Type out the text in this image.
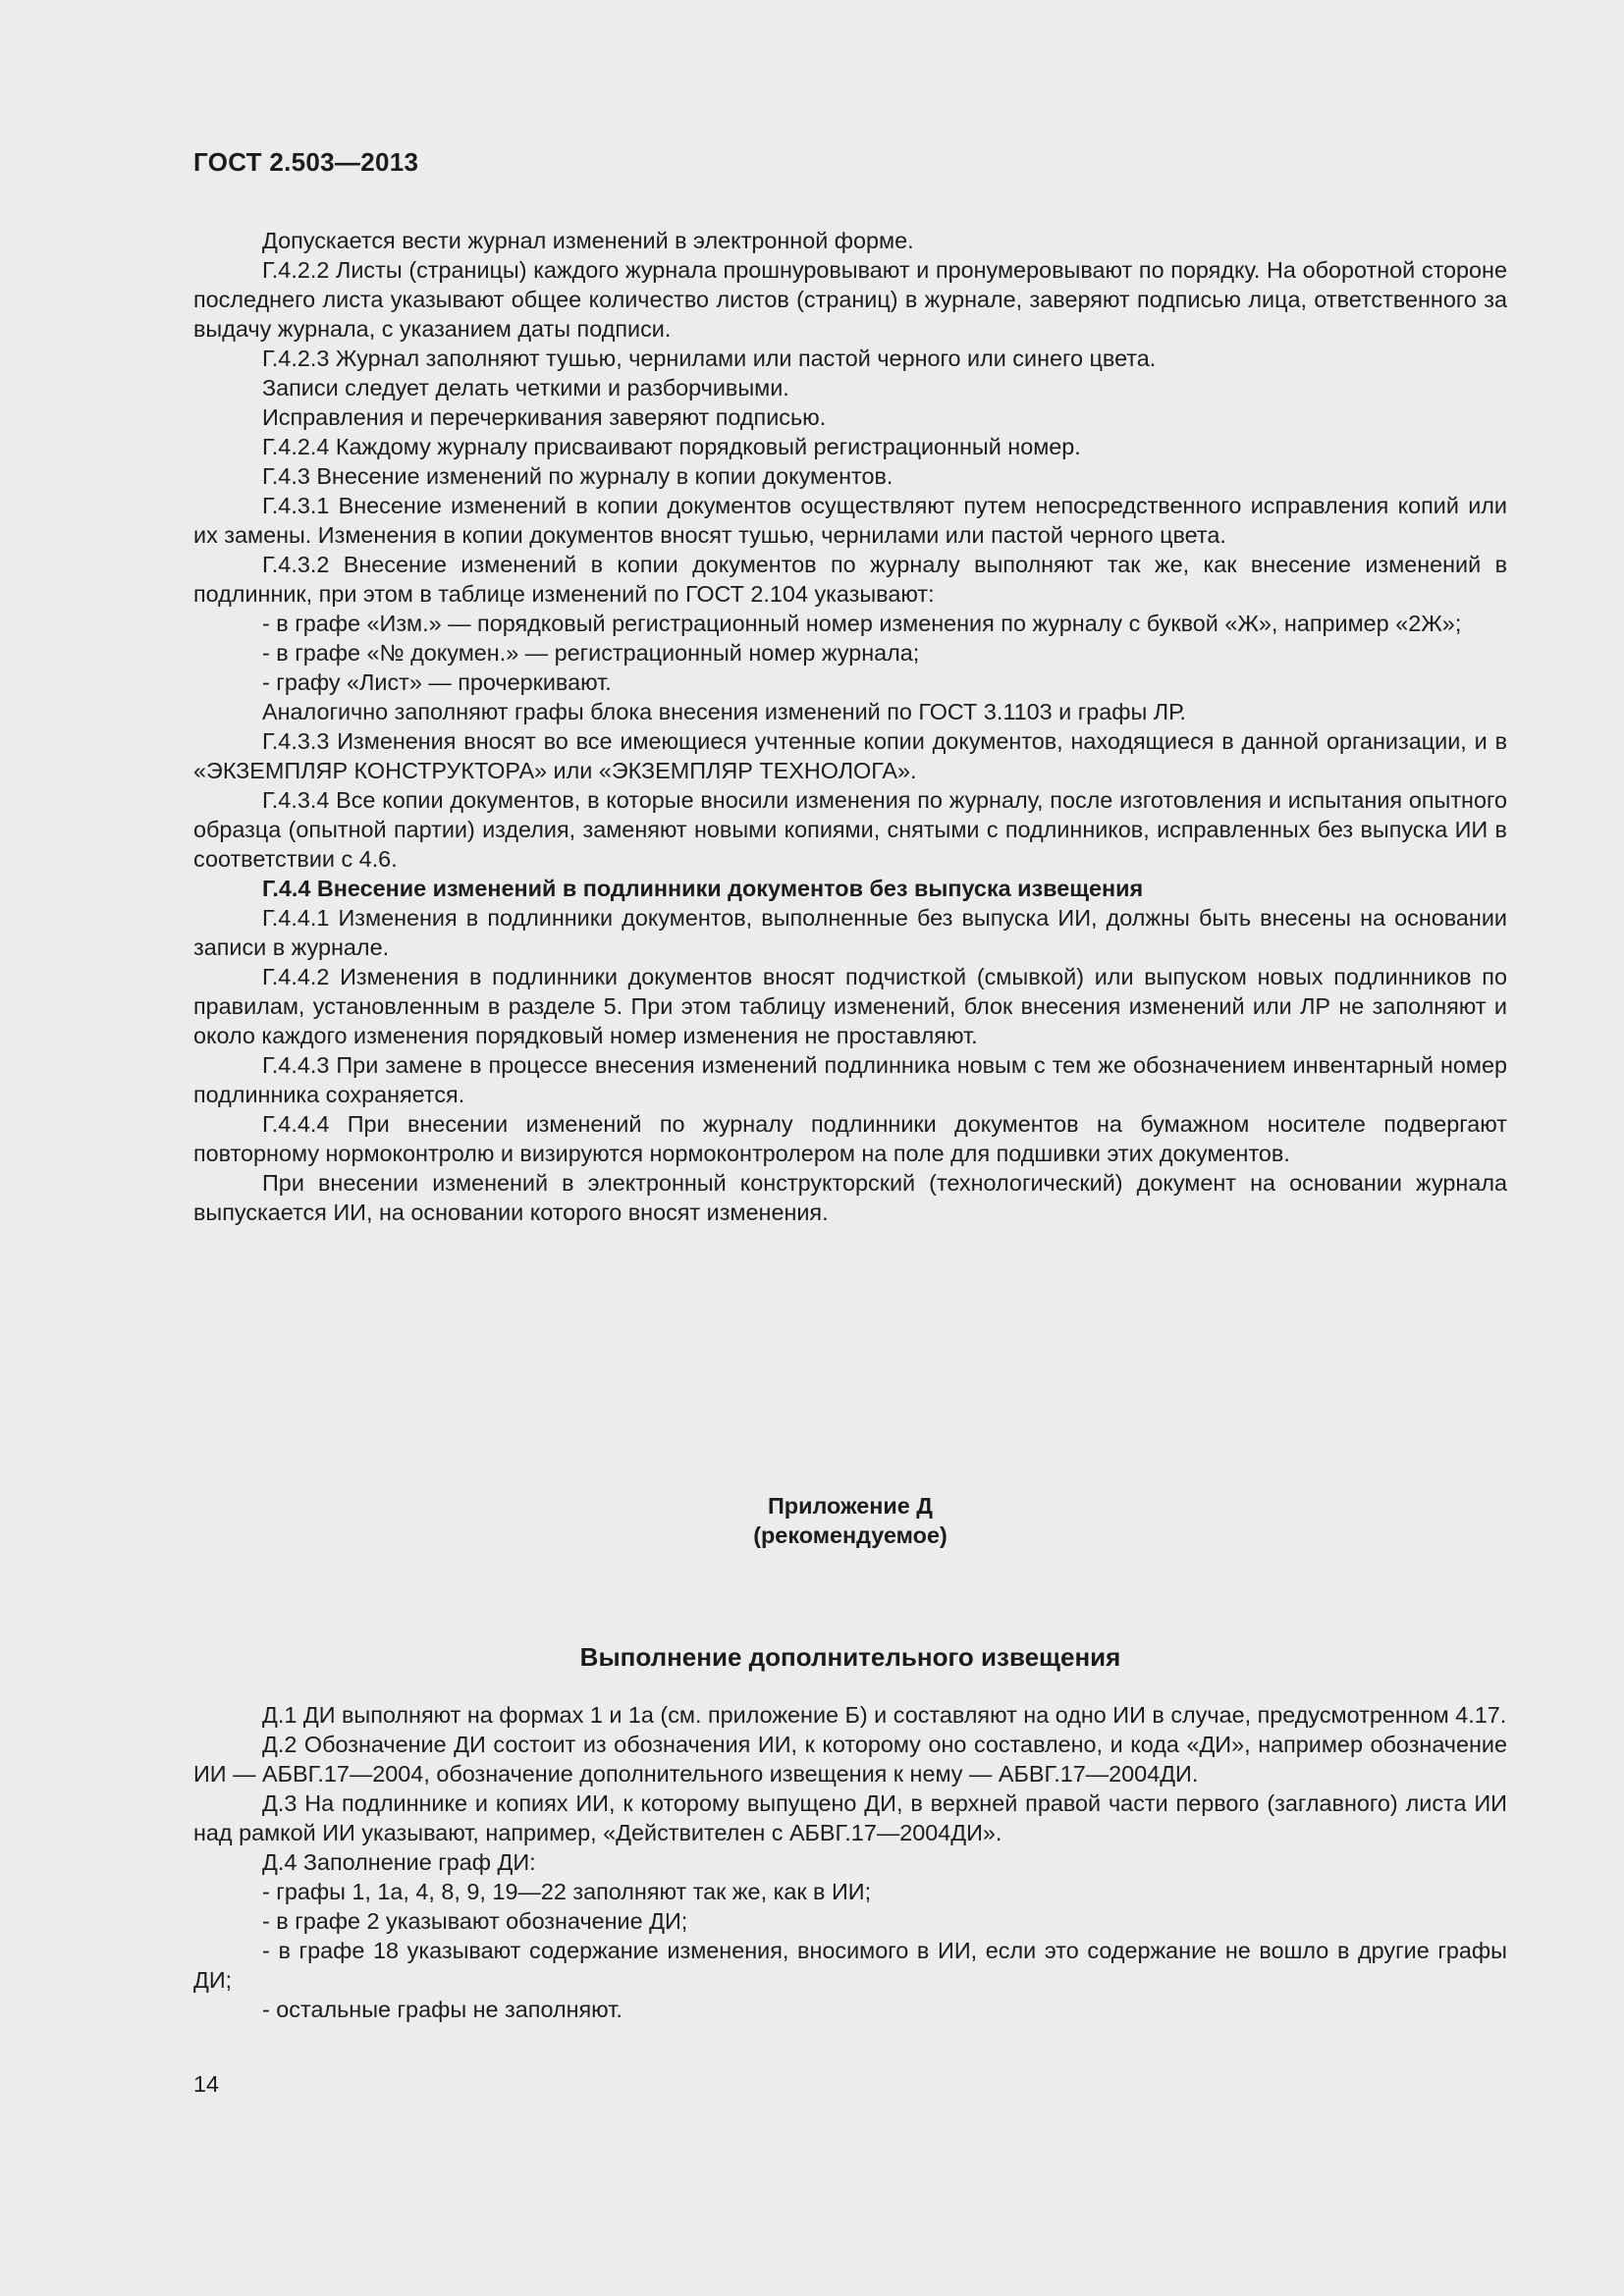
ГОСТ 2.503—2013

Допускается вести журнал изменений в электронной форме.

Г.4.2.2 Листы (страницы) каждого журнала прошнуровывают и пронумеровывают по порядку. На оборотной стороне последнего листа указывают общее количество листов (страниц) в журнале, заверяют подписью лица, ответственного за выдачу журнала, с указанием даты подписи.

Г.4.2.3 Журнал заполняют тушью, чернилами или пастой черного или синего цвета.

Записи следует делать четкими и разборчивыми.

Исправления и перечеркивания заверяют подписью.

Г.4.2.4 Каждому журналу присваивают порядковый регистрационный номер.

Г.4.3 Внесение изменений по журналу в копии документов.

Г.4.3.1 Внесение изменений в копии документов осуществляют путем непосредственного исправления копий или их замены. Изменения в копии документов вносят тушью, чернилами или пастой черного цвета.

Г.4.3.2 Внесение изменений в копии документов по журналу выполняют так же, как внесение изменений в подлинник, при этом в таблице изменений по ГОСТ 2.104 указывают:

- в графе «Изм.» — порядковый регистрационный номер изменения по журналу с буквой «Ж», например «2Ж»;

- в графе «№ докумен.» — регистрационный номер журнала;

- графу «Лист» — прочеркивают.

Аналогично заполняют графы блока внесения изменений по ГОСТ 3.1103 и графы ЛР.

Г.4.3.3 Изменения вносят во все имеющиеся учтенные копии документов, находящиеся в данной организации, и в «ЭКЗЕМПЛЯР КОНСТРУКТОРА» или «ЭКЗЕМПЛЯР ТЕХНОЛОГА».

Г.4.3.4 Все копии документов, в которые вносили изменения по журналу, после изготовления и испытания опытного образца (опытной партии) изделия, заменяют новыми копиями, снятыми с подлинников, исправленных без выпуска ИИ в соответствии с 4.6.

Г.4.4 Внесение изменений в подлинники документов без выпуска извещения

Г.4.4.1 Изменения в подлинники документов, выполненные без выпуска ИИ, должны быть внесены на основании записи в журнале.

Г.4.4.2 Изменения в подлинники документов вносят подчисткой (смывкой) или выпуском новых подлинников по правилам, установленным в разделе 5. При этом таблицу изменений, блок внесения изменений или ЛР не заполняют и около каждого изменения порядковый номер изменения не проставляют.

Г.4.4.3 При замене в процессе внесения изменений подлинника новым с тем же обозначением инвентарный номер подлинника сохраняется.

Г.4.4.4 При внесении изменений по журналу подлинники документов на бумажном носителе подвергают повторному нормоконтролю и визируются нормоконтролером на поле для подшивки этих документов.

При внесении изменений в электронный конструкторский (технологический) документ на основании журнала выпускается ИИ, на основании которого вносят изменения.

Приложение Д
(рекомендуемое)
Выполнение дополнительного извещения

Д.1 ДИ выполняют на формах 1 и 1а (см. приложение Б) и составляют на одно ИИ в случае, предусмотренном 4.17.

Д.2 Обозначение ДИ состоит из обозначения ИИ, к которому оно составлено, и кода «ДИ», например обозначение ИИ — АБВГ.17—2004, обозначение дополнительного извещения к нему — АБВГ.17—2004ДИ.

Д.3 На подлиннике и копиях ИИ, к которому выпущено ДИ, в верхней правой части первого (заглавного) листа ИИ над рамкой ИИ указывают, например, «Действителен с АБВГ.17—2004ДИ».

Д.4 Заполнение граф ДИ:

- графы 1, 1а, 4, 8, 9, 19—22 заполняют так же, как в ИИ;

- в графе 2 указывают обозначение ДИ;

- в графе 18 указывают содержание изменения, вносимого в ИИ, если это содержание не вошло в другие графы ДИ;

- остальные графы не заполняют.

14
